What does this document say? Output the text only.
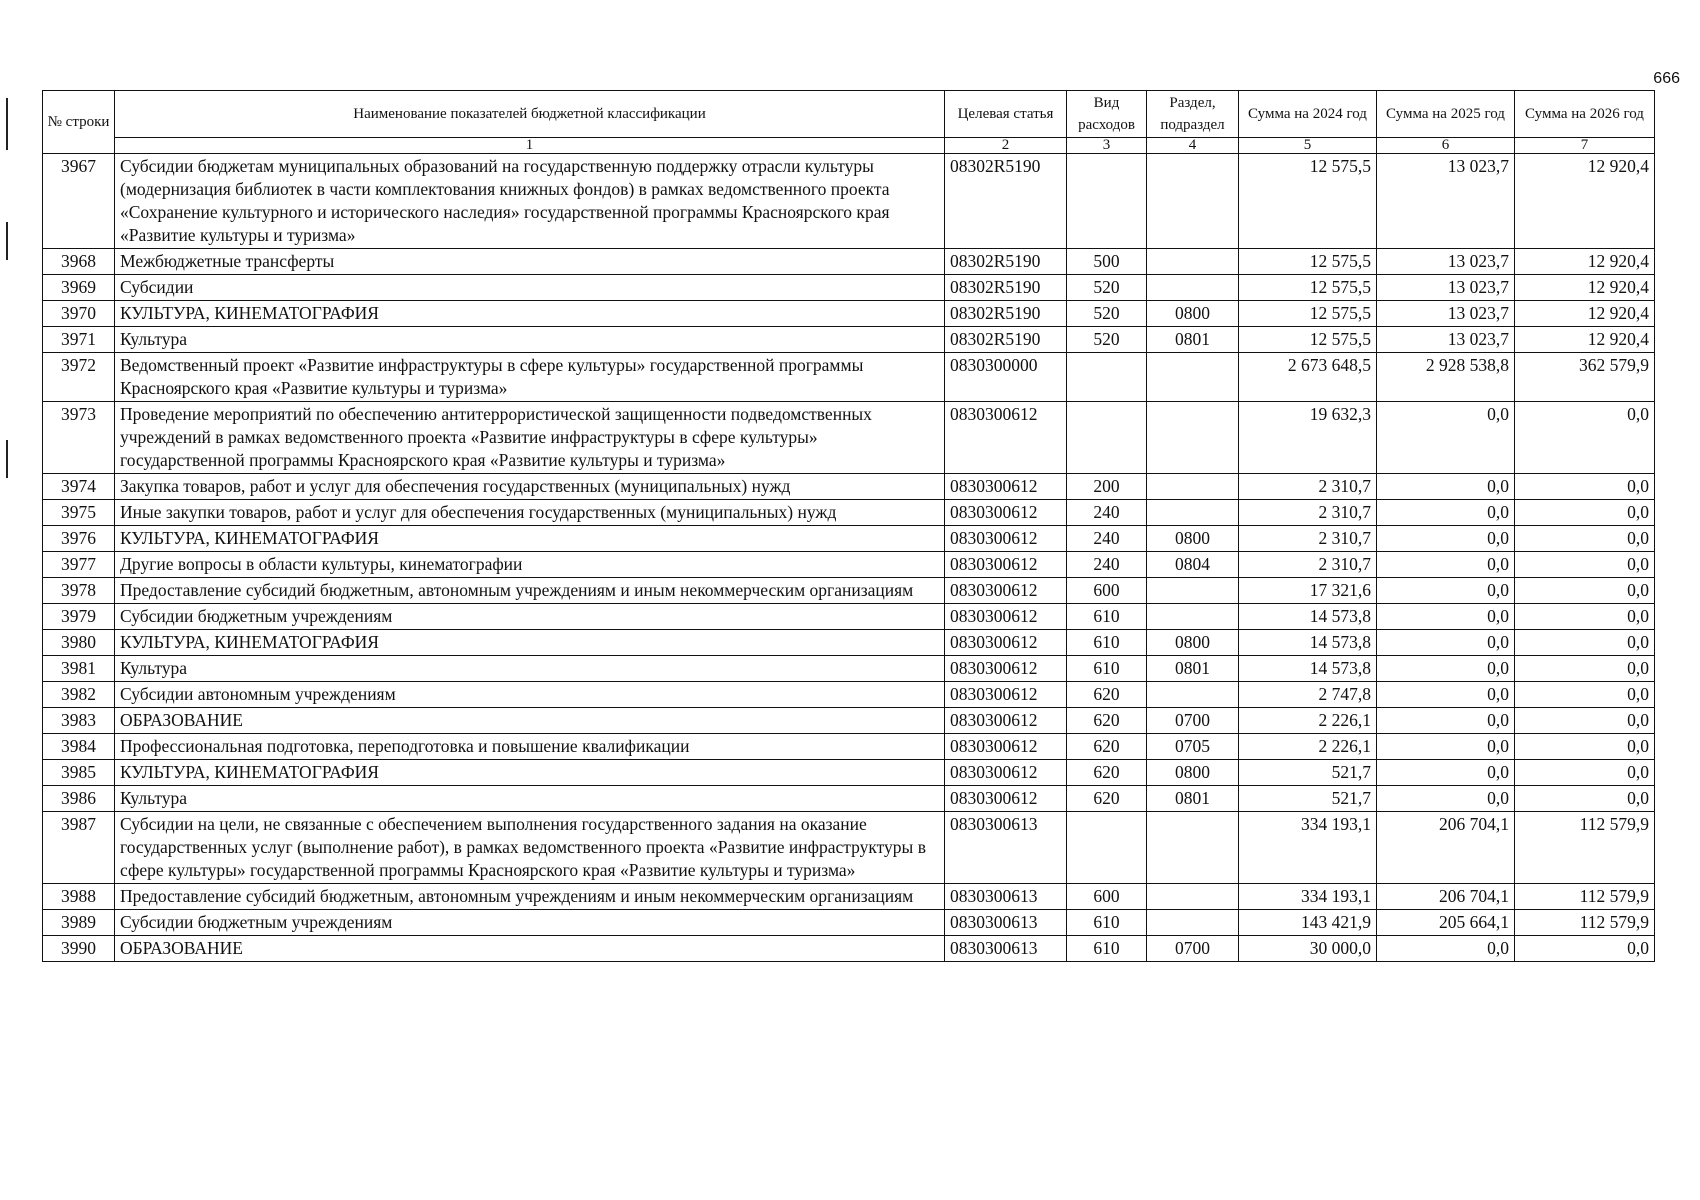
666
№ строки	Наименование показателей бюджетной классификации	Целевая статья	Вид расходов	Раздел, подраздел	Сумма на 2024 год	Сумма на 2025 год	Сумма на 2026 год
	1	2	3	4	5	6	7
3967	Субсидии бюджетам муниципальных образований на государственную поддержку отрасли культуры (модернизация библиотек в части комплектования книжных фондов) в рамках ведомственного проекта «Сохранение культурного и исторического наследия» государственной программы Красноярского края «Развитие культуры и туризма»	08302R5190			12 575,5	13 023,7	12 920,4
3968	Межбюджетные трансферты	08302R5190	500		12 575,5	13 023,7	12 920,4
3969	Субсидии	08302R5190	520		12 575,5	13 023,7	12 920,4
3970	КУЛЬТУРА, КИНЕМАТОГРАФИЯ	08302R5190	520	0800	12 575,5	13 023,7	12 920,4
3971	Культура	08302R5190	520	0801	12 575,5	13 023,7	12 920,4
3972	Ведомственный проект «Развитие инфраструктуры в сфере культуры» государственной программы Красноярского края «Развитие культуры и туризма»	0830300000			2 673 648,5	2 928 538,8	362 579,9
3973	Проведение мероприятий по обеспечению антитеррористической защищенности подведомственных учреждений в рамках ведомственного проекта «Развитие инфраструктуры в сфере культуры» государственной программы Красноярского края «Развитие культуры и туризма»	0830300612			19 632,3	0,0	0,0
3974	Закупка товаров, работ и услуг для обеспечения государственных (муниципальных) нужд	0830300612	200		2 310,7	0,0	0,0
3975	Иные закупки товаров, работ и услуг для обеспечения государственных (муниципальных) нужд	0830300612	240		2 310,7	0,0	0,0
3976	КУЛЬТУРА, КИНЕМАТОГРАФИЯ	0830300612	240	0800	2 310,7	0,0	0,0
3977	Другие вопросы в области культуры, кинематографии	0830300612	240	0804	2 310,7	0,0	0,0
3978	Предоставление субсидий бюджетным, автономным учреждениям и иным некоммерческим организациям	0830300612	600		17 321,6	0,0	0,0
3979	Субсидии бюджетным учреждениям	0830300612	610		14 573,8	0,0	0,0
3980	КУЛЬТУРА, КИНЕМАТОГРАФИЯ	0830300612	610	0800	14 573,8	0,0	0,0
3981	Культура	0830300612	610	0801	14 573,8	0,0	0,0
3982	Субсидии автономным учреждениям	0830300612	620		2 747,8	0,0	0,0
3983	ОБРАЗОВАНИЕ	0830300612	620	0700	2 226,1	0,0	0,0
3984	Профессиональная подготовка, переподготовка и повышение квалификации	0830300612	620	0705	2 226,1	0,0	0,0
3985	КУЛЬТУРА, КИНЕМАТОГРАФИЯ	0830300612	620	0800	521,7	0,0	0,0
3986	Культура	0830300612	620	0801	521,7	0,0	0,0
3987	Субсидии на цели, не связанные с обеспечением выполнения государственного задания на оказание государственных услуг (выполнение работ), в рамках ведомственного проекта «Развитие инфраструктуры в сфере культуры» государственной программы Красноярского края «Развитие культуры и туризма»	0830300613			334 193,1	206 704,1	112 579,9
3988	Предоставление субсидий бюджетным, автономным учреждениям и иным некоммерческим организациям	0830300613	600		334 193,1	206 704,1	112 579,9
3989	Субсидии бюджетным учреждениям	0830300613	610		143 421,9	205 664,1	112 579,9
3990	ОБРАЗОВАНИЕ	0830300613	610	0700	30 000,0	0,0	0,0
